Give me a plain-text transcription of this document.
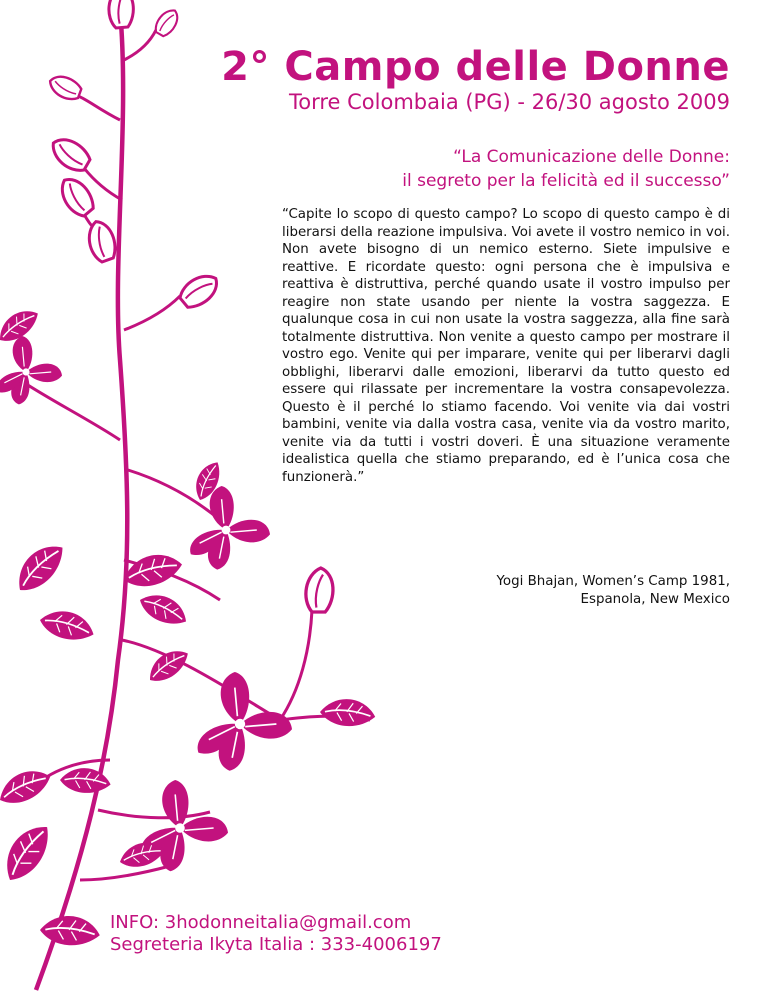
2° Campo delle Donne
Torre Colombaia (PG) - 26/30 agosto 2009
“La Comunicazione delle Donne:
il segreto per la felicità ed il successo”

“Capite lo scopo di questo campo? Lo scopo di questo campo è di liberarsi della reazione impulsiva. Voi avete il vostro nemico in voi. Non avete bisogno di un nemico esterno. Siete impulsive e reattive. E ricordate questo: ogni persona che è impulsiva e reattiva è distruttiva, perché quando usate il vostro impulso per reagire non state usando per niente la vostra saggezza. E qualunque cosa in cui non usate la vostra saggezza, alla fine sarà totalmente distruttiva. Non venite a questo campo per mostrare il vostro ego. Venite qui per imparare, venite qui per liberarvi dagli obblighi, liberarvi dalle emozioni, liberarvi da tutto questo ed essere qui rilassate per incrementare la vostra consapevolezza. Questo è il perché lo stiamo facendo. Voi venite via dai vostri bambini, venite via dalla vostra casa, venite via da vostro marito, venite via da tutti i vostri doveri. È una situazione veramente idealistica quella che stiamo preparando, ed è l’unica cosa che funzionerà.”

Yogi Bhajan, Women’s Camp 1981,
Espanola, New Mexico
INFO: 3hodonneitalia@gmail.com
Segreteria Ikyta Italia : 333-4006197
